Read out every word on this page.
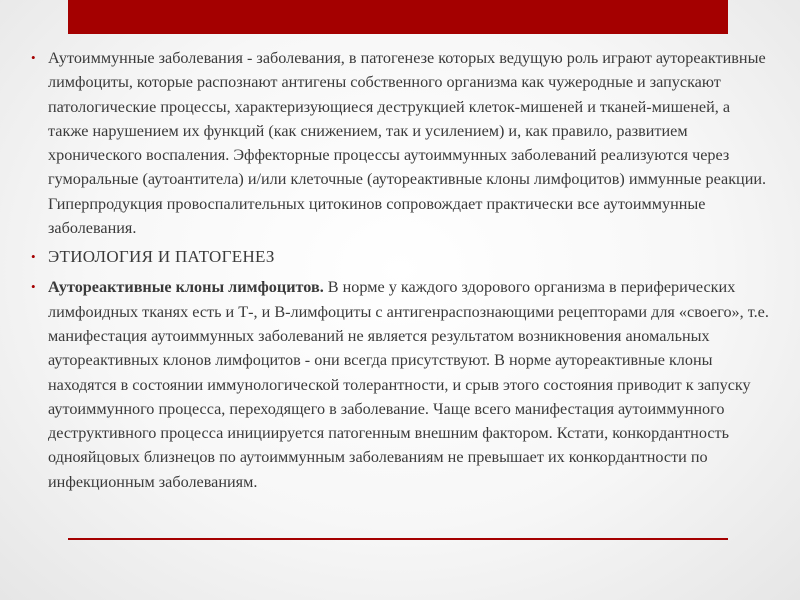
• Аутоиммунные заболевания - заболевания, в патогенезе которых ведущую роль играют аутореактивные лимфоциты, которые распознают антигены собственного организма как чужеродные и запускают патологические процессы, характеризующиеся деструкцией клеток-мишеней и тканей-мишеней, а также нарушением их функций (как снижением, так и усилением) и, как правило, развитием хронического воспаления. Эффекторные процессы аутоиммунных заболеваний реализуются через гуморальные (аутоантитела) и/или клеточные (аутореактивные клоны лимфоцитов) иммунные реакции. Гиперпродукция провоспалительных цитокинов сопровождает практически все аутоиммунные заболевания.
• ЭТИОЛОГИЯ И ПАТОГЕНЕЗ
• Аутореактивные клоны лимфоцитов. В норме у каждого здорового организма в периферических лимфоидных тканях есть и Т-, и В-лимфоциты с антигенраспознающими рецепторами для «своего», т.е. манифестация аутоиммунных заболеваний не является результатом возникновения аномальных аутореактивных клонов лимфоцитов - они всегда присутствуют. В норме аутореактивные клоны находятся в состоянии иммунологической толерантности, и срыв этого состояния приводит к запуску аутоиммунного процесса, переходящего в заболевание. Чаще всего манифестация аутоиммунного деструктивного процесса инициируется патогенным внешним фактором. Кстати, конкордантность однояйцовых близнецов по аутоиммунным заболеваниям не превышает их конкордантности по инфекционным заболеваниям.
